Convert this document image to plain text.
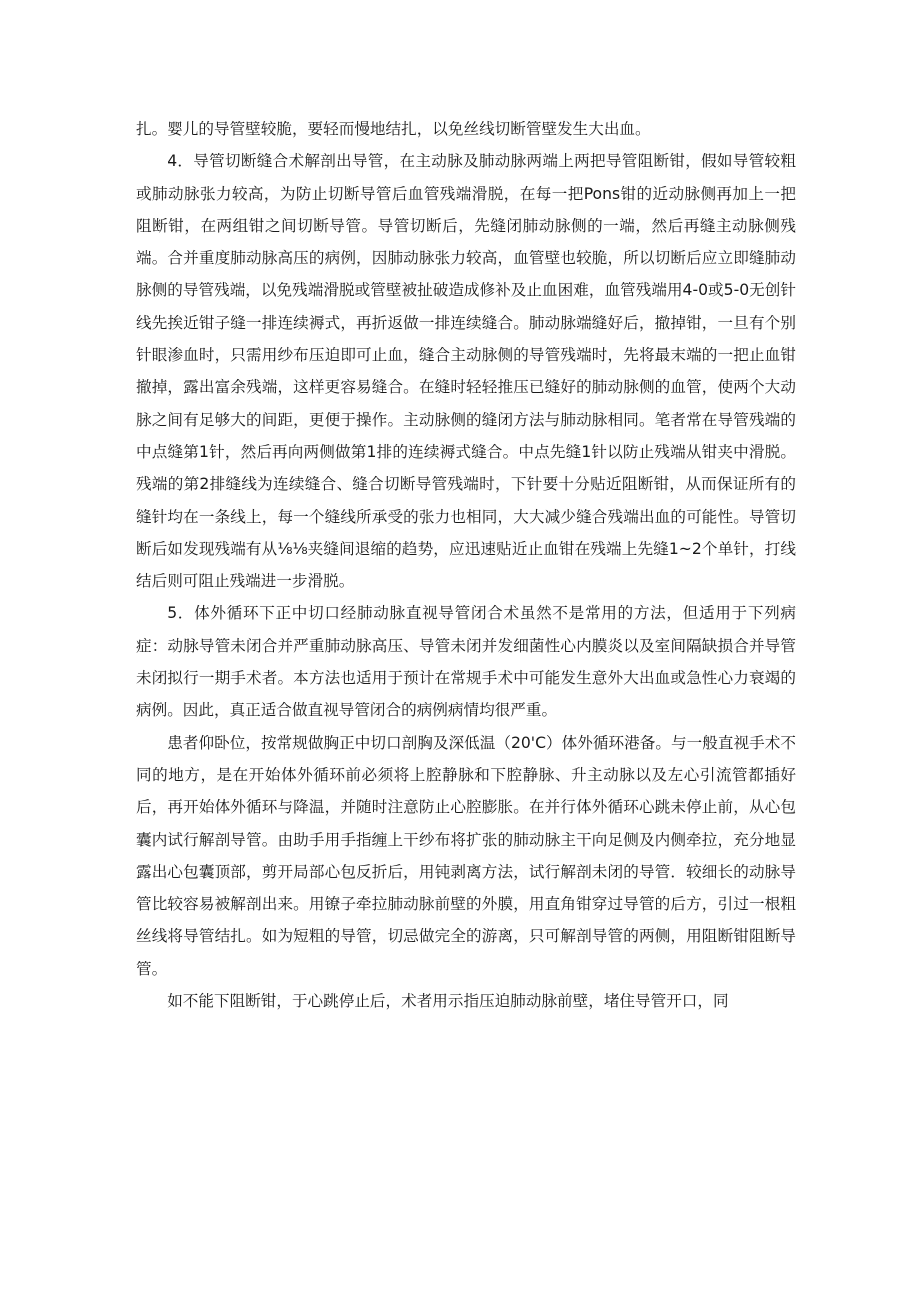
扎。婴儿的导管壁较脆，要轻而慢地结扎，以免丝线切断管壁发生大出血。

4．导管切断缝合术解剖出导管，在主动脉及肺动脉两端上两把导管阻断钳，假如导管较粗或肺动脉张力较高，为防止切断导管后血管残端滑脱，在每一把Pons钳的近动脉侧再加上一把阻断钳，在两组钳之间切断导管。导管切断后，先缝闭肺动脉侧的一端，然后再缝主动脉侧残端。合并重度肺动脉高压的病例，因肺动脉张力较高，血管壁也较脆，所以切断后应立即缝肺动脉侧的导管残端，以免残端滑脱或管壁被扯破造成修补及止血困难，血管残端用4-0或5-0无创针线先挨近钳子缝一排连续褥式，再折返做一排连续缝合。肺动脉端缝好后，撤掉钳，一旦有个别针眼渗血时，只需用纱布压迫即可止血，缝合主动脉侧的导管残端时，先将最末端的一把止血钳撤掉，露出富余残端，这样更容易缝合。在缝时轻轻推压已缝好的肺动脉侧的血管，使两个大动脉之间有足够大的间距，更便于操作。主动脉侧的缝闭方法与肺动脉相同。笔者常在导管残端的中点缝第1针，然后再向两侧做第1排的连续褥式缝合。中点先缝1针以防止残端从钳夹中滑脱。残端的第2排缝线为连续缝合、缝合切断导管残端时，下针要十分贴近阻断钳，从而保证所有的缝针均在一条线上，每一个缝线所承受的张力也相同，大大减少缝合残端出血的可能性。导管切断后如发现残端有从⅛⅛夹缝间退缩的趋势，应迅速贴近止血钳在残端上先缝1~2个单针，打线结后则可阻止残端进一步滑脱。

5．体外循环下正中切口经肺动脉直视导管闭合术虽然不是常用的方法，但适用于下列病症：动脉导管未闭合并严重肺动脉高压、导管未闭并发细菌性心内膜炎以及室间隔缺损合并导管未闭拟行一期手术者。本方法也适用于预计在常规手术中可能发生意外大出血或急性心力衰竭的病例。因此，真正适合做直视导管闭合的病例病情均很严重。

患者仰卧位，按常规做胸正中切口剖胸及深低温（20'C）体外循环港备。与一般直视手术不同的地方，是在开始体外循环前必须将上腔静脉和下腔静脉、升主动脉以及左心引流管都插好后，再开始体外循环与降温，并随时注意防止心腔膨胀。在并行体外循环心跳未停止前，从心包囊内试行解剖导管。由助手用手指缠上干纱布将扩张的肺动脉主干向足侧及内侧牵拉，充分地显露出心包囊顶部，剪开局部心包反折后，用钝剥离方法，试行解剖未闭的导管．较细长的动脉导管比较容易被解剖出来。用镣子牵拉肺动脉前壁的外膜，用直角钳穿过导管的后方，引过一根粗丝线将导管结扎。如为短粗的导管，切忌做完全的游离，只可解剖导管的两侧，用阻断钳阻断导管。

如不能下阻断钳，于心跳停止后，术者用示指压迫肺动脉前壁，堵住导管开口，同
